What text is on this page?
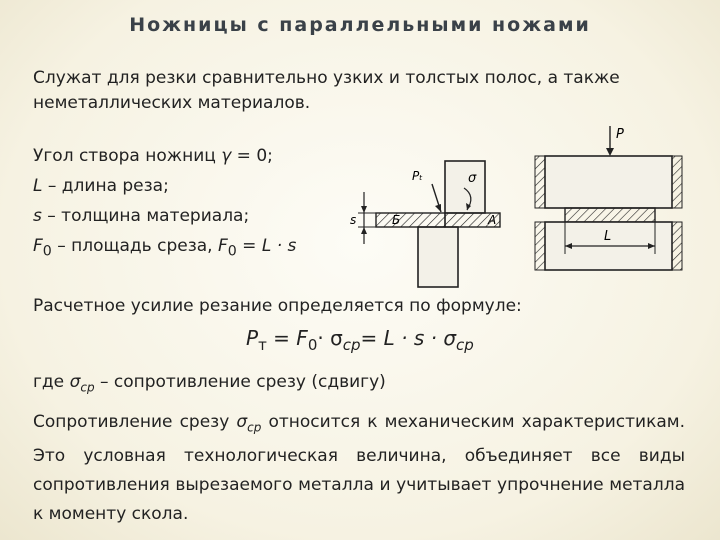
Ножницы с параллельными ножами

Служат для резки сравнительно узких и толстых полос, а также неметаллических материалов.

Угол створа ножниц γ = 0;
L – длина реза;
s – толщина материала;
$F_0$ – площадь среза, $F_0 = L \cdot s$

Расчетное усилие резание определяется по формуле:

$P_т = F_0\cdot \sigma_{ср}= L \cdot s \cdot \sigma_{ср}$

где $\sigma_{ср}$ – сопротивление срезу (сдвигу)

Сопротивление срезу $\sigma_{ср}$ относится к механическим характеристикам. Это условная технологическая величина, объединяет все виды сопротивления вырезаемого металла и учитывает упрочнение металла к моменту скола.

Pₜ	σ
s	Б	А
P
L
